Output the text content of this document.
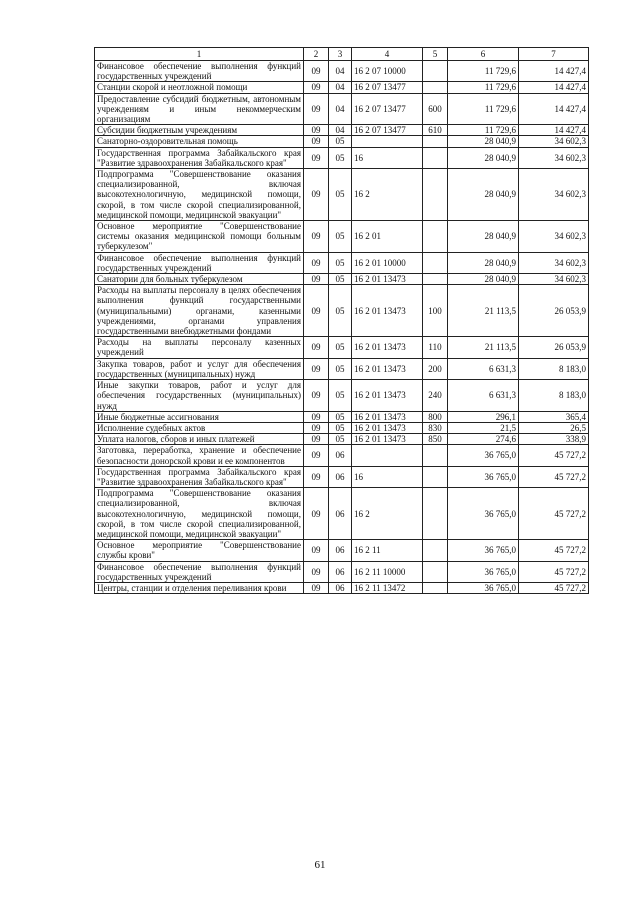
1	2	3	4	5	6	7
Финансовое обеспечение выполнения функций государственных учреждений	09	04	16 2 07 10000		11 729,6	14 427,4
Станции скорой и неотложной помощи	09	04	16 2 07 13477		11 729,6	14 427,4
Предоставление субсидий бюджетным, автономным учреждениям и иным некоммерческим организациям	09	04	16 2 07 13477	600	11 729,6	14 427,4
Субсидии бюджетным учреждениям	09	04	16 2 07 13477	610	11 729,6	14 427,4
Санаторно-оздоровительная помощь	09	05			28 040,9	34 602,3
Государственная программа Забайкальского края "Развитие здравоохранения Забайкальского края"	09	05	16		28 040,9	34 602,3
Подпрограмма "Совершенствование оказания специализированной, включая высокотехнологичную, медицинской помощи, скорой, в том числе скорой специализированной, медицинской помощи, медицинской эвакуации"	09	05	16 2		28 040,9	34 602,3
Основное мероприятие "Совершенствование системы оказания медицинской помощи больным туберкулезом"	09	05	16 2 01		28 040,9	34 602,3
Финансовое обеспечение выполнения функций государственных учреждений	09	05	16 2 01 10000		28 040,9	34 602,3
Санатории для больных туберкулезом	09	05	16 2 01 13473		28 040,9	34 602,3
Расходы на выплаты персоналу в целях обеспечения выполнения функций государственными (муниципальными) органами, казенными учреждениями, органами управления государственными внебюджетными фондами	09	05	16 2 01 13473	100	21 113,5	26 053,9
Расходы на выплаты персоналу казенных учреждений	09	05	16 2 01 13473	110	21 113,5	26 053,9
Закупка товаров, работ и услуг для обеспечения государственных (муниципальных) нужд	09	05	16 2 01 13473	200	6 631,3	8 183,0
Иные закупки товаров, работ и услуг для обеспечения государственных (муниципальных) нужд	09	05	16 2 01 13473	240	6 631,3	8 183,0
Иные бюджетные ассигнования	09	05	16 2 01 13473	800	296,1	365,4
Исполнение судебных актов	09	05	16 2 01 13473	830	21,5	26,5
Уплата налогов, сборов и иных платежей	09	05	16 2 01 13473	850	274,6	338,9
Заготовка, переработка, хранение и обеспечение безопасности донорской крови и ее компонентов	09	06			36 765,0	45 727,2
Государственная программа Забайкальского края "Развитие здравоохранения Забайкальского края"	09	06	16		36 765,0	45 727,2
Подпрограмма "Совершенствование оказания специализированной, включая высокотехнологичную, медицинской помощи, скорой, в том числе скорой специализированной, медицинской помощи, медицинской эвакуации"	09	06	16 2		36 765,0	45 727,2
Основное мероприятие "Совершенствование службы крови"	09	06	16 2 11		36 765,0	45 727,2
Финансовое обеспечение выполнения функций государственных учреждений	09	06	16 2 11 10000		36 765,0	45 727,2
Центры, станции и отделения переливания крови	09	06	16 2 11 13472		36 765,0	45 727,2
61
